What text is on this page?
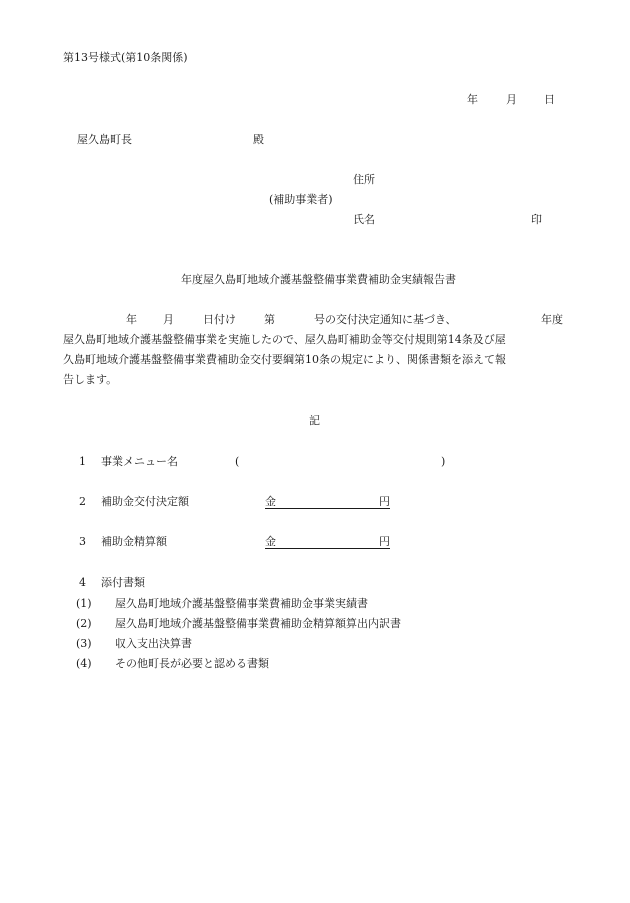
第13号様式(第10条関係)
年	月 日
屋久島町長	殿
住所
(補助事業者)
氏名	印
年度屋久島町地域介護基盤整備事業費補助金実績報告書
年 月	日付け	第	号の交付決定通知に基づき、	年度
屋久島町地域介護基盤整備事業を実施したので、屋久島町補助金等交付規則第14条及び屋
久島町地域介護基盤整備事業費補助金交付要綱第10条の規定により、関係書類を添えて報
告します。
記
1 事業メニュー名	(	)
2 補助金交付決定額	金	円
3 補助金精算額	金	円
4 添付書類
(1) 屋久島町地域介護基盤整備事業費補助金事業実績書
(2) 屋久島町地域介護基盤整備事業費補助金精算額算出内訳書
(3) 収入支出決算書
(4) その他町長が必要と認める書類
